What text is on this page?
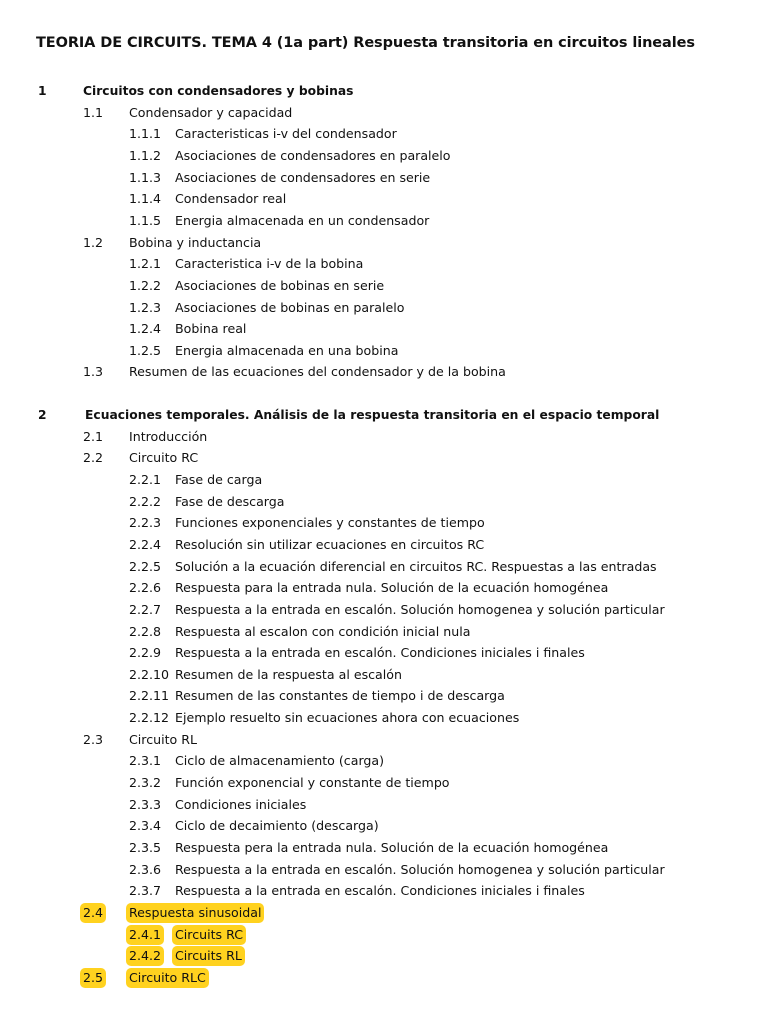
TEORIA DE CIRCUITS. TEMA 4 (1a part) Respuesta transitoria en circuitos lineales
1	Circuitos con condensadores y bobinas
1.1 Condensador y capacidad
1.1.1 Caracteristicas i-v del condensador
1.1.2 Asociaciones de condensadores en paralelo
1.1.3 Asociaciones de condensadores en serie
1.1.4 Condensador real
1.1.5 Energia almacenada en un condensador
1.2 Bobina y inductancia
1.2.1 Caracteristica i-v de la bobina
1.2.2 Asociaciones de bobinas en serie
1.2.3 Asociaciones de bobinas en paralelo
1.2.4 Bobina real
1.2.5 Energia almacenada en una bobina
1.3 Resumen de las ecuaciones del condensador y de la bobina
2	Ecuaciones temporales. Análisis de la respuesta transitoria en el espacio temporal
2.1 Introducción
2.2 Circuito RC
2.2.1 Fase de carga
2.2.2 Fase de descarga
2.2.3 Funciones exponenciales y constantes de tiempo
2.2.4 Resolución sin utilizar ecuaciones en circuitos RC
2.2.5 Solución a la ecuación diferencial en circuitos RC. Respuestas a las entradas
2.2.6 Respuesta para la entrada nula. Solución de la ecuación homogénea
2.2.7 Respuesta a la entrada en escalón. Solución homogenea y solución particular
2.2.8 Respuesta al escalon con condición inicial nula
2.2.9 Respuesta a la entrada en escalón. Condiciones iniciales i finales
2.2.10 Resumen de la respuesta al escalón
2.2.11 Resumen de las constantes de tiempo i de descarga
2.2.12 Ejemplo resuelto sin ecuaciones ahora con ecuaciones
2.3 Circuito RL
2.3.1 Ciclo de almacenamiento (carga)
2.3.2 Función exponencial y constante de tiempo
2.3.3 Condiciones iniciales
2.3.4 Ciclo de decaimiento (descarga)
2.3.5 Respuesta pera la entrada nula. Solución de la ecuación homogénea
2.3.6 Respuesta a la entrada en escalón. Solución homogenea y solución particular
2.3.7 Respuesta a la entrada en escalón. Condiciones iniciales i finales
2.4 Respuesta sinusoidal
2.4.1 Circuits RC
2.4.2 Circuits RL
2.5 Circuito RLC
